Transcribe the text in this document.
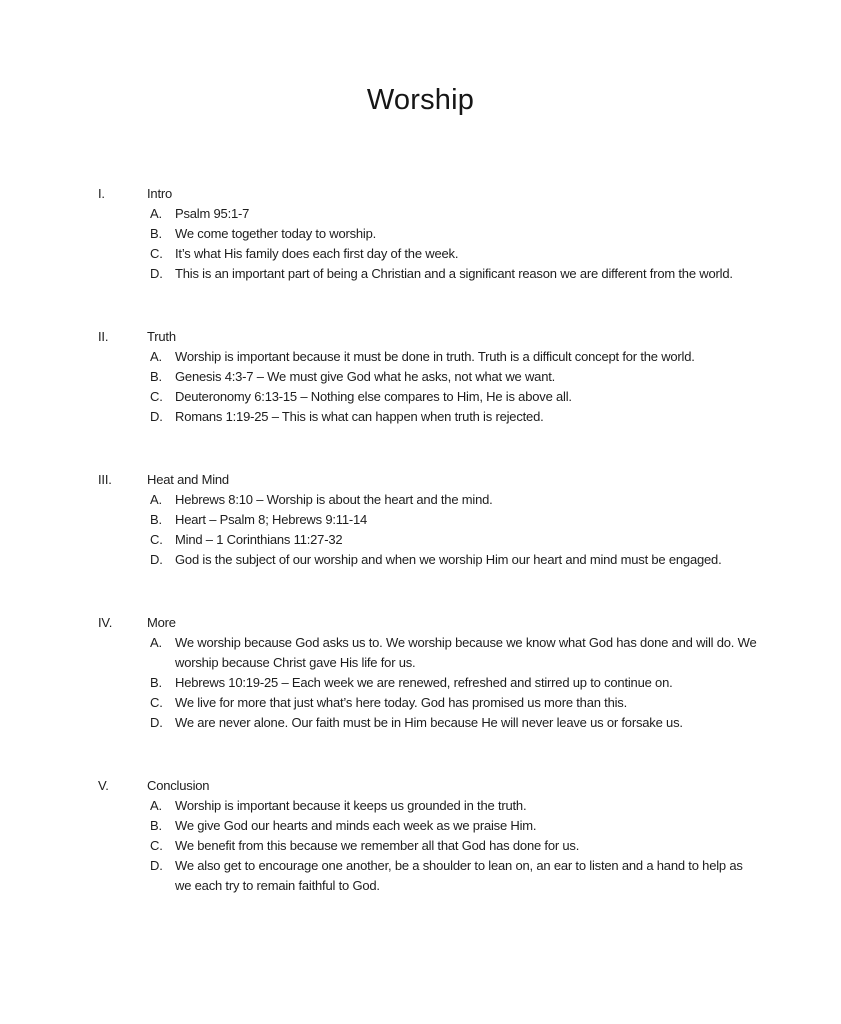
Worship
I.	Intro
A.	Psalm 95:1-7
B.	We come together today to worship.
C. It’s what His family does each first day of the week.
D. This is an important part of being a Christian and a significant reason we are different from the world.
II.	Truth
A.	Worship is important because it must be done in truth. Truth is a difficult concept for the world.
B.	Genesis 4:3-7 – We must give God what he asks, not what we want.
C. Deuteronomy 6:13-15 – Nothing else compares to Him, He is above all.
D. Romans 1:19-25 – This is what can happen when truth is rejected.
III.	Heat and Mind
A.	Hebrews 8:10 – Worship is about the heart and the mind.
B.	Heart – Psalm 8; Hebrews 9:11-14
C. Mind – 1 Corinthians 11:27-32
D. God is the subject of our worship and when we worship Him our heart and mind must be engaged.
IV.	More
A.	We worship because God asks us to. We worship because we know what God has done and will do. We worship because Christ gave His life for us.
B.	Hebrews 10:19-25 – Each week we are renewed, refreshed and stirred up to continue on.
C. We live for more that just what’s here today. God has promised us more than this.
D. We are never alone. Our faith must be in Him because He will never leave us or forsake us.
V.	Conclusion
A.	Worship is important because it keeps us grounded in the truth.
B.	We give God our hearts and minds each week as we praise Him.
C. We benefit from this because we remember all that God has done for us.
D. We also get to encourage one another, be a shoulder to lean on, an ear to listen and a hand to help as we each try to remain faithful to God.
